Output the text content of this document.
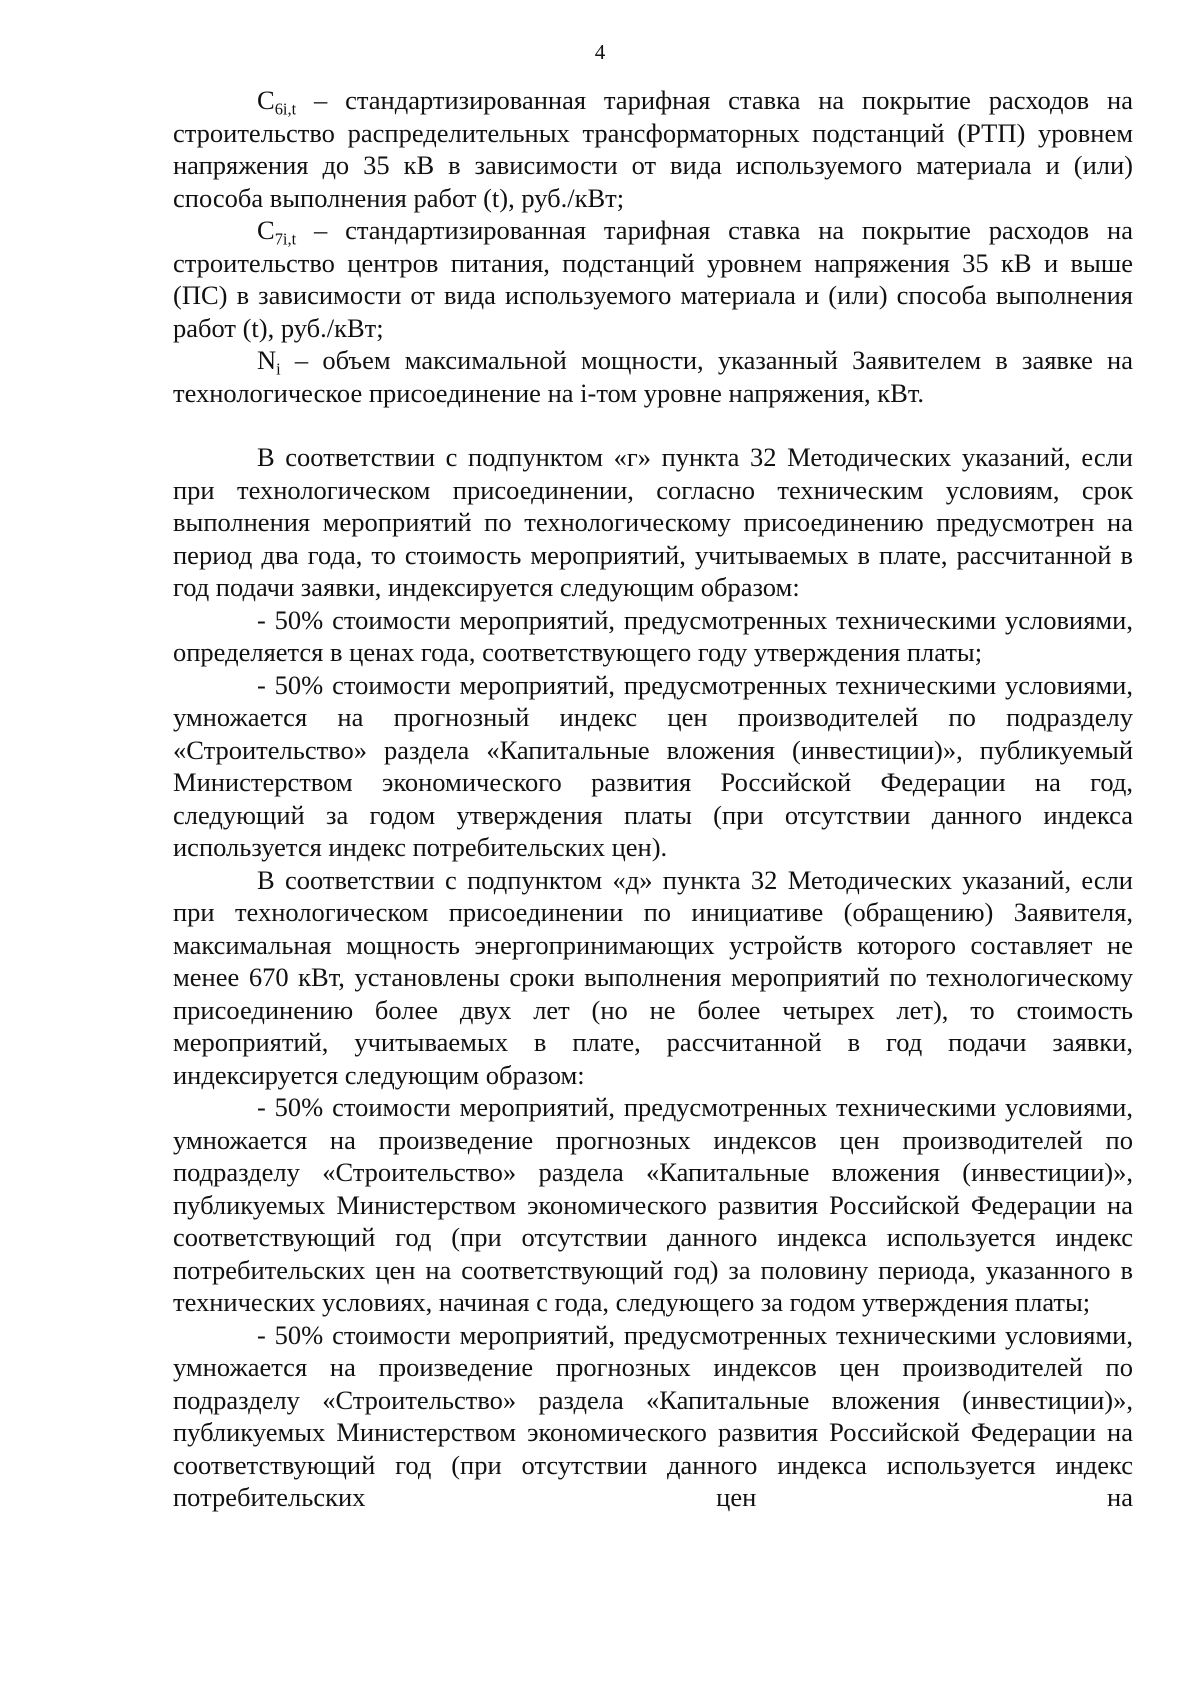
4

$C_{6i,t}$ – стандартизированная тарифная ставка на покрытие расходов на строительство распределительных трансформаторных подстанций (РТП) уровнем напряжения до 35 кВ в зависимости от вида используемого материала и (или) способа выполнения работ (t), руб./кВт;

$C_{7i,t}$ – стандартизированная тарифная ставка на покрытие расходов на строительство центров питания, подстанций уровнем напряжения 35 кВ и выше (ПС) в зависимости от вида используемого материала и (или) способа выполнения работ (t), руб./кВт;

$N_i$ – объем максимальной мощности, указанный Заявителем в заявке на технологическое присоединение на i-том уровне напряжения, кВт.

В соответствии с подпунктом «г» пункта 32 Методических указаний, если при технологическом присоединении, согласно техническим условиям, срок выполнения мероприятий по технологическому присоединению предусмотрен на период два года, то стоимость мероприятий, учитываемых в плате, рассчитанной в год подачи заявки, индексируется следующим образом:

- 50% стоимости мероприятий, предусмотренных техническими условиями, определяется в ценах года, соответствующего году утверждения платы;

- 50% стоимости мероприятий, предусмотренных техническими условиями, умножается на прогнозный индекс цен производителей по подразделу «Строительство» раздела «Капитальные вложения (инвестиции)», публикуемый Министерством экономического развития Российской Федерации на год, следующий за годом утверждения платы (при отсутствии данного индекса используется индекс потребительских цен).

В соответствии с подпунктом «д» пункта 32 Методических указаний, если при технологическом присоединении по инициативе (обращению) Заявителя, максимальная мощность энергопринимающих устройств которого составляет не менее 670 кВт, установлены сроки выполнения мероприятий по технологическому присоединению более двух лет (но не более четырех лет), то стоимость мероприятий, учитываемых в плате, рассчитанной в год подачи заявки, индексируется следующим образом:

- 50% стоимости мероприятий, предусмотренных техническими условиями, умножается на произведение прогнозных индексов цен производителей по подразделу «Строительство» раздела «Капитальные вложения (инвестиции)», публикуемых Министерством экономического развития Российской Федерации на соответствующий год (при отсутствии данного индекса используется индекс потребительских цен на соответствующий год) за половину периода, указанного в технических условиях, начиная с года, следующего за годом утверждения платы;

- 50% стоимости мероприятий, предусмотренных техническими условиями, умножается на произведение прогнозных индексов цен производителей по подразделу «Строительство» раздела «Капитальные вложения (инвестиции)», публикуемых Министерством экономического развития Российской Федерации на соответствующий год (при отсутствии данного индекса используется индекс потребительских цен на
